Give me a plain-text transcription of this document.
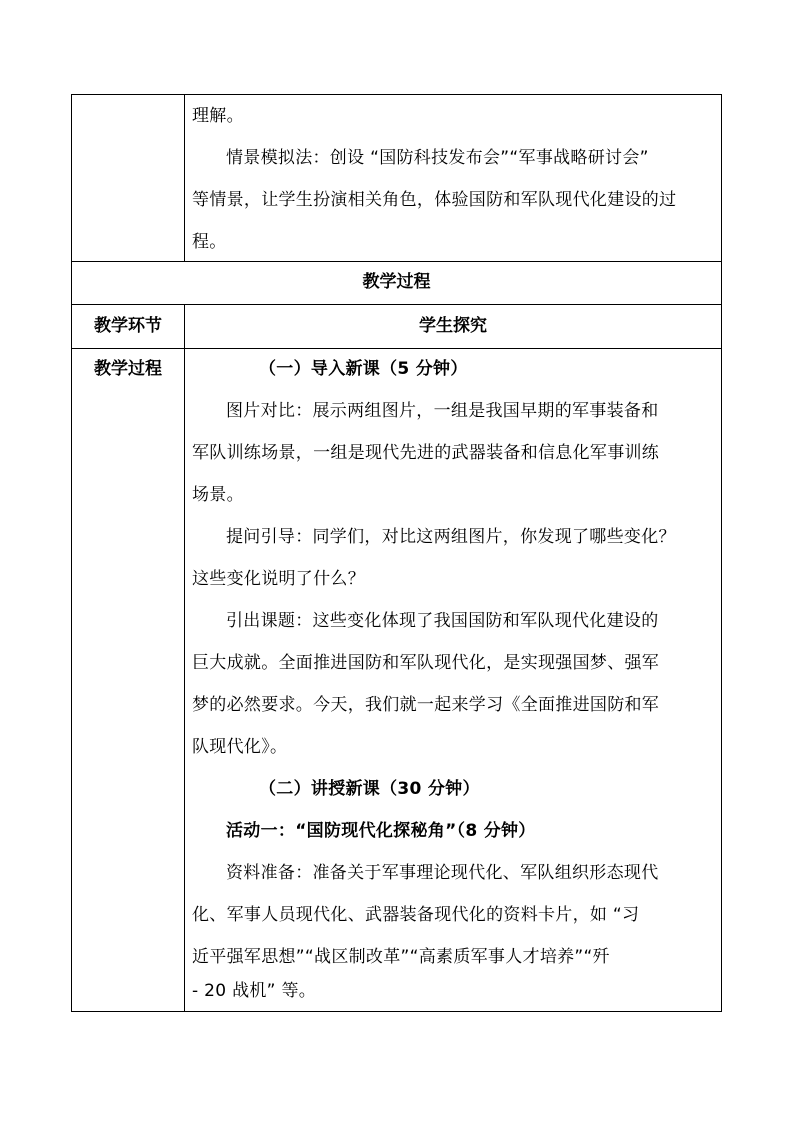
理解。
情景模拟法：创设 “国防科技发布会”“军事战略研讨会”
等情景，让学生扮演相关角色，体验国防和军队现代化建设的过
程。
教学过程
教学环节	学生探究
教学过程	（一）导入新课（5 分钟）
图片对比：展示两组图片，一组是我国早期的军事装备和
军队训练场景，一组是现代先进的武器装备和信息化军事训练
场景。
提问引导：同学们，对比这两组图片，你发现了哪些变化？
这些变化说明了什么？
引出课题：这些变化体现了我国国防和军队现代化建设的
巨大成就。全面推进国防和军队现代化，是实现强国梦、强军
梦的必然要求。今天，我们就一起来学习《全面推进国防和军
队现代化》。
（二）讲授新课（30 分钟）
活动一：“国防现代化探秘角”（8 分钟）
资料准备：准备关于军事理论现代化、军队组织形态现代
化、军事人员现代化、武器装备现代化的资料卡片，如 “习
近平强军思想”“战区制改革”“高素质军事人才培养”“歼
- 20 战机” 等。
